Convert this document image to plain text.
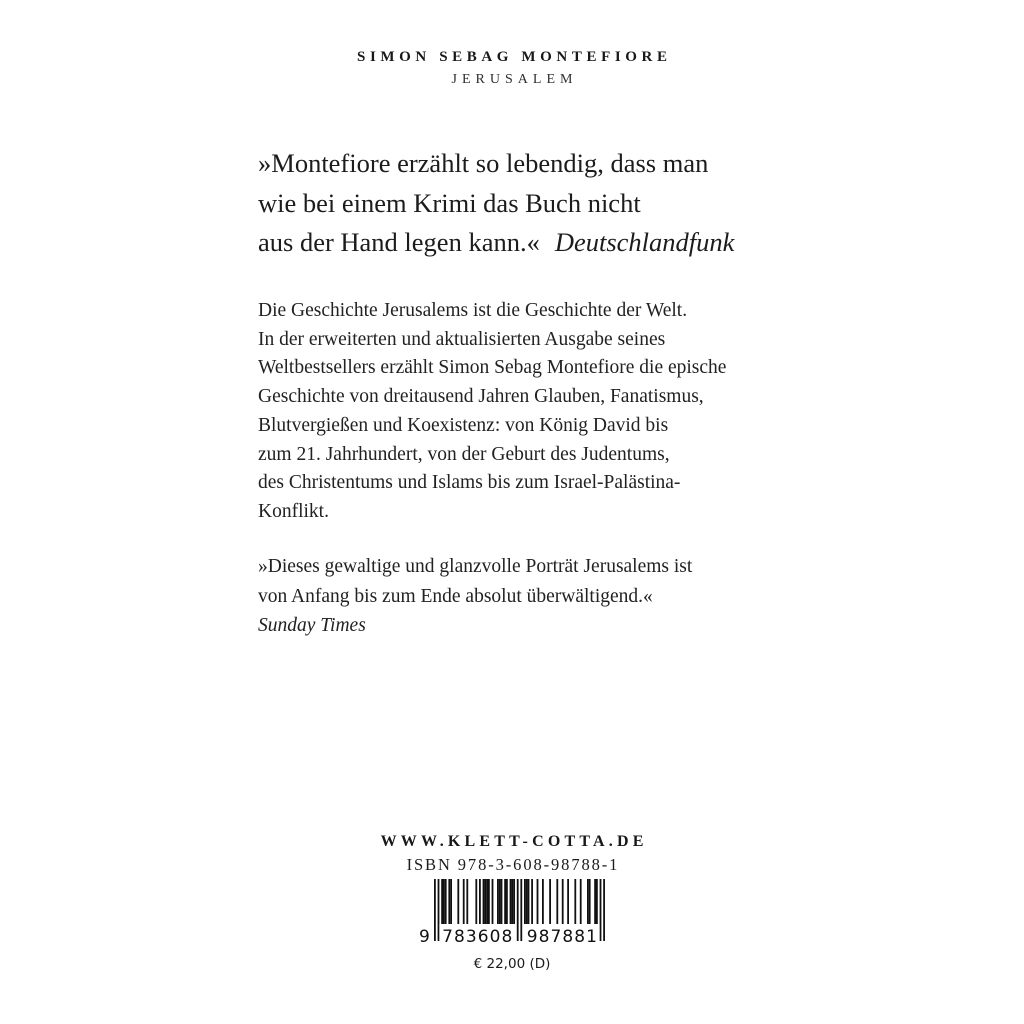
SIMON SEBAG MONTEFIORE
JERUSALEM
»Montefiore erzählt so lebendig, dass man
wie bei einem Krimi das Buch nicht
aus der Hand legen kann.« Deutschlandfunk
Die Geschichte Jerusalems ist die Geschichte der Welt.
In der erweiterten und aktualisierten Ausgabe seines
Weltbestsellers erzählt Simon Sebag Montefiore die epische
Geschichte von dreitausend Jahren Glauben, Fanatismus,
Blutvergießen und Koexistenz: von König David bis
zum 21. Jahrhundert, von der Geburt des Judentums,
des Christentums und Islams bis zum Israel-Palästina-
Konflikt.
»Dieses gewaltige und glanzvolle Porträt Jerusalems ist
von Anfang bis zum Ende absolut überwältigend.«
Sunday Times
WWW.KLETT-COTTA.DE
ISBN 978-3-608-98788-1
9 783608 987881
€ 22,00 (D)
